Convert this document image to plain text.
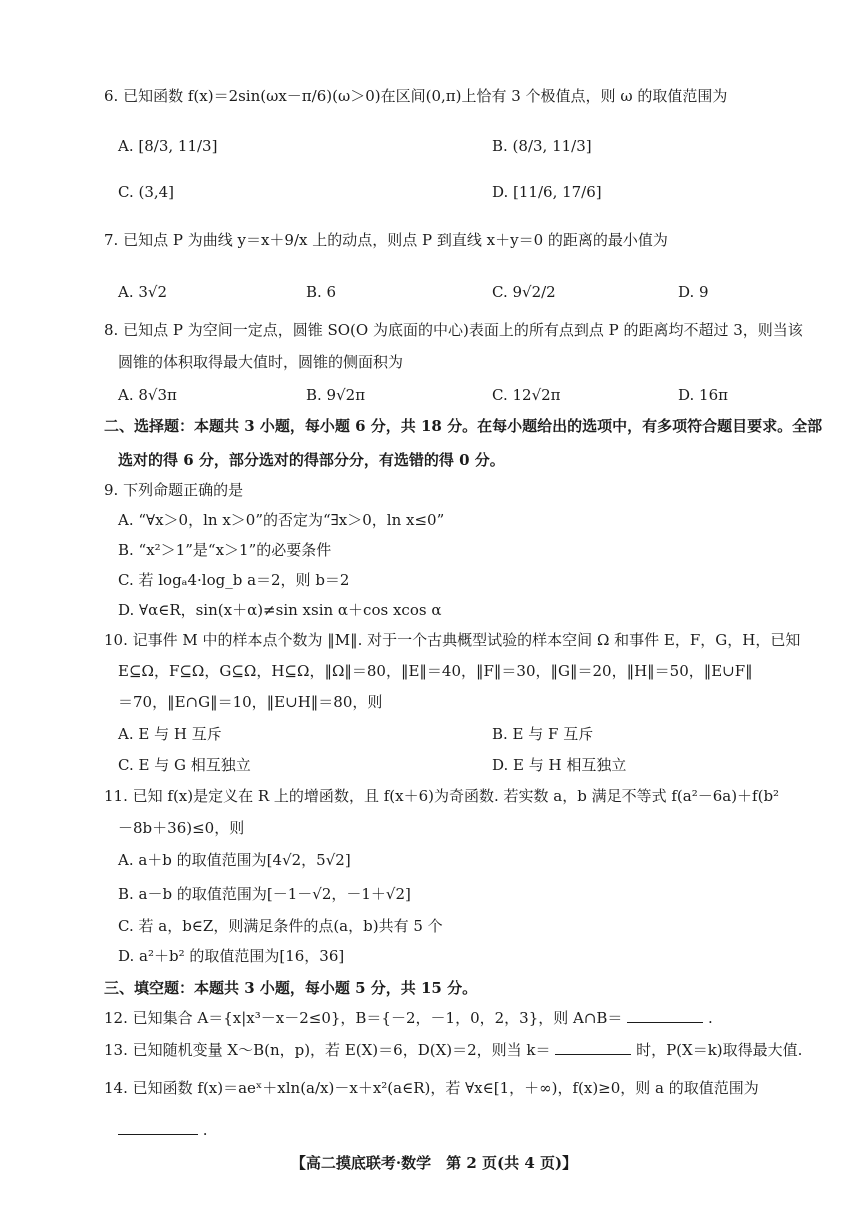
6. 已知函数 f(x)＝2sin(ωx－π/6)(ω＞0)在区间(0,π)上恰有 3 个极值点，则 ω 的取值范围为
A. [8/3, 11/3]	B. (8/3, 11/3]
C. (3,4]	D. [11/6, 17/6]
7. 已知点 P 为曲线 y＝x＋9/x 上的动点，则点 P 到直线 x＋y＝0 的距离的最小值为
A. 3√2	B. 6	C. 9√2/2	D. 9
8. 已知点 P 为空间一定点，圆锥 SO(O 为底面的中心)表面上的所有点到点 P 的距离均不超过 3，则当该
圆锥的体积取得最大值时，圆锥的侧面积为
A. 8√3π	B. 9√2π	C. 12√2π	D. 16π
二、选择题：本题共 3 小题，每小题 6 分，共 18 分。在每小题给出的选项中，有多项符合题目要求。全部
选对的得 6 分，部分选对的得部分分，有选错的得 0 分。
9. 下列命题正确的是
A. “∀x＞0，ln x＞0”的否定为“∃x＞0，ln x≤0”
B. “x²＞1”是“x＞1”的必要条件
C. 若 logₐ4·log_b a＝2，则 b＝2
D. ∀α∈R，sin(x＋α)≠sin xsin α＋cos xcos α
10. 记事件 M 中的样本点个数为 ‖M‖. 对于一个古典概型试验的样本空间 Ω 和事件 E，F，G，H，已知
E⊆Ω，F⊆Ω，G⊆Ω，H⊆Ω，‖Ω‖＝80，‖E‖＝40，‖F‖＝30，‖G‖＝20，‖H‖＝50，‖E∪F‖
＝70，‖E∩G‖＝10，‖E∪H‖＝80，则
A. E 与 H 互斥	B. E 与 F 互斥
C. E 与 G 相互独立	D. E 与 H 相互独立
11. 已知 f(x)是定义在 R 上的增函数，且 f(x＋6)为奇函数. 若实数 a，b 满足不等式 f(a²－6a)＋f(b²
－8b＋36)≤0，则
A. a＋b 的取值范围为[4√2，5√2]
B. a－b 的取值范围为[－1－√2，－1＋√2]
C. 若 a，b∈Z，则满足条件的点(a，b)共有 5 个
D. a²＋b² 的取值范围为[16，36]
三、填空题：本题共 3 小题，每小题 5 分，共 15 分。
12. 已知集合 A＝{x|x³－x－2≤0}，B＝{－2，－1，0，2，3}，则 A∩B＝	.
13. 已知随机变量 X～B(n，p)，若 E(X)＝6，D(X)＝2，则当 k＝	时，P(X＝k)取得最大值.
14. 已知函数 f(x)＝aeˣ＋xln(a/x)－x＋x²(a∈R)，若 ∀x∈[1，＋∞)，f(x)≥0，则 a 的取值范围为
.
【高二摸底联考·数学　第 2 页(共 4 页)】
